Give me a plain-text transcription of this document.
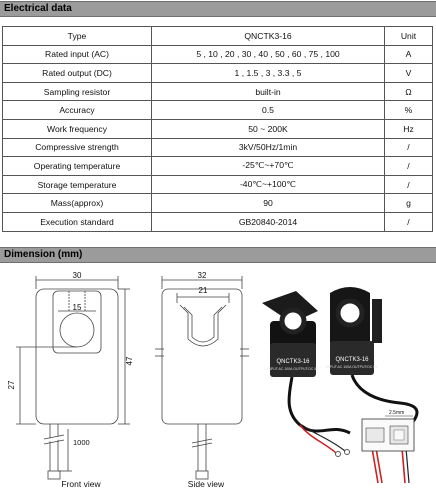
Electrical data
Type	QNCTK3-16	Unit
Rated input (AC)	5 , 10 , 20 , 30 , 40 , 50 , 60 , 75 , 100	A
Rated output (DC)	1 , 1.5 , 3 , 3.3 , 5	V
Sampling resistor	built-in	Ω
Accuracy	0.5	%
Work frequency	50 ~ 200K	Hz
Compressive strength	3kV/50Hz/1min	/
Operating temperature	-25℃~+70℃	/
Storage temperature	-40℃~+100℃	/
Mass(approx)	90	g
Execution standard	GB20840-2014	/
Dimension (mm)
30
15
47
27
1000
Front view
32
21
Side view
QNCTK3-16	QNCTK3-16
INPUT:AC 100A OUTPUT:DC 5V INPUT:AC 100A OUTPUT:DC 5V
2.5mm
